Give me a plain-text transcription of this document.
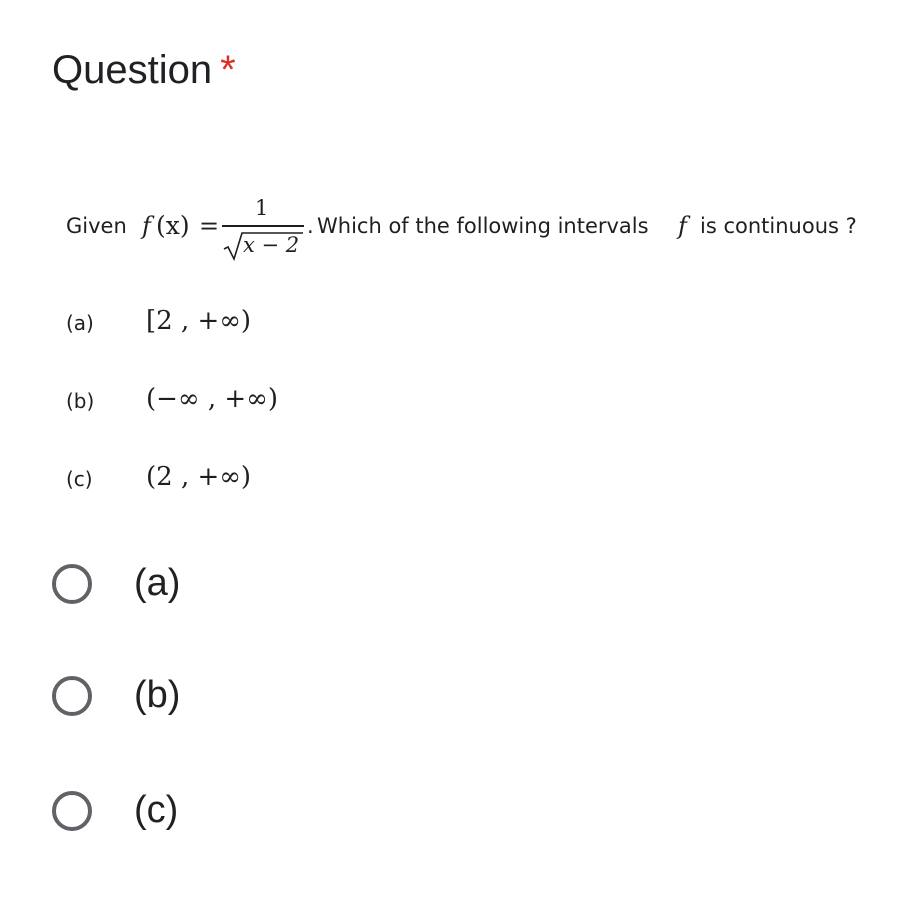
Question *
Given f (x) =
1
x − 2
. Which of the following intervals f is continuous ?
(a) [2 , +∞)
(b) (−∞ , +∞)
(c) (2 , +∞)
(a)
(b)
(c)
